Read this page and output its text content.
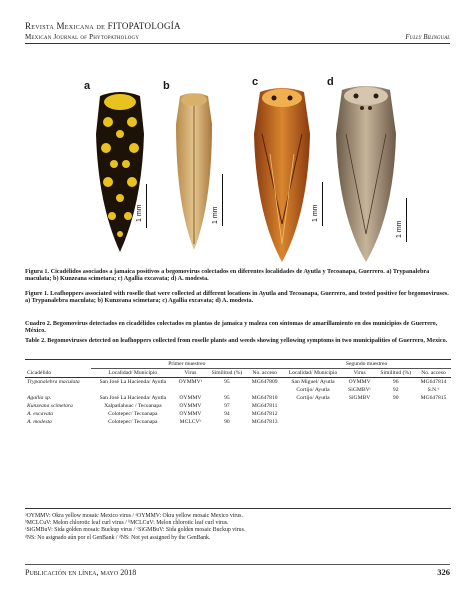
Revista Mexicana de FITOPATOLOGÍA
Mexican Journal of Phytopathology	Fully Bilingual
a	b	c	d
1 mm	1 mm	1 mm
1 mm
Figura 1. Cicadélidos asociados a jamaica positivos a begomovirus colectados en diferentes localidades de Ayutla y Tecoanapa, Guerrero. a) Trypanalebra maculata; b) Kunzeana scimetara; c) Agallia excavata; d) A. modesta.
Figure 1. Leafhoppers associated with roselle that were collected at different locations in Ayutla and Tecoanapa, Guerrero, and tested positive for begomoviruses. a) Trypanalebra maculata; b) Kunzeana scimetara; c) Agallia excavata; d) A. modesta.
Cuadro 2. Begomovirus detectados en cicadélidos colectados en plantas de jamaica y maleza con síntomas de amarillamiento en dos municipios de Guerrero, México.
Table 2. Begomoviruses detected on leafhoppers collected from roselle plants and weeds showing yellowing symptoms in two municipalities of Guerrero, Mexico.
	Primer muestreo				Segundo muestreo			
Cicadélido	Localidad/ Municipio	Virus	Similitud (%)	No. acceso	Localidad/ Municipio	Virus	Similitud (%)	No. acceso
Trypanalebra maculata	San José La Hacienda/ Ayutla	OYMMVᵃ	95	MG647809	San Miguel/ Ayutla	OYMMV	96	MG647814
					Cortijo/ Ayutla	SiGMBVᶜ	92	S.N.ᵈ
Agallia sp.	San José La Hacienda/ Ayutla	OYMMV	95	MG647810	Cortijo/ Ayutla	SiGMBV	90	MG647815
Kunzeana scimetara	Xalpatlahuac / Tecoanapa	OYMMV	97	MG647811				
A. excavata	Colotepec/ Tecoanapa	OYMMV	94	MG647812				
A. modesta	Colotepec/ Tecoanapa	MCLCVᵇ	90	MG647813				
ᵃOYMMV: Okra yellow mosaic Mexico virus / ᵃOYMMV: Okra yellow mosaic Mexico virus.
ᵇMCLCuV: Melon chlorotic leaf curl virus / ᵇMCLCuV: Melon chlorotic leaf curl virus.
ᶜSiGMBuV: Sida golden mosaic Buckup virus / ᶜSiGMBuV: Sida golden mosaic Buckup virus.
ᵈNS: No asignado aún por el GenBank / ᵈNS: Not yet assigned by the GenBank.
Publicación en línea, mayo 2018	326
